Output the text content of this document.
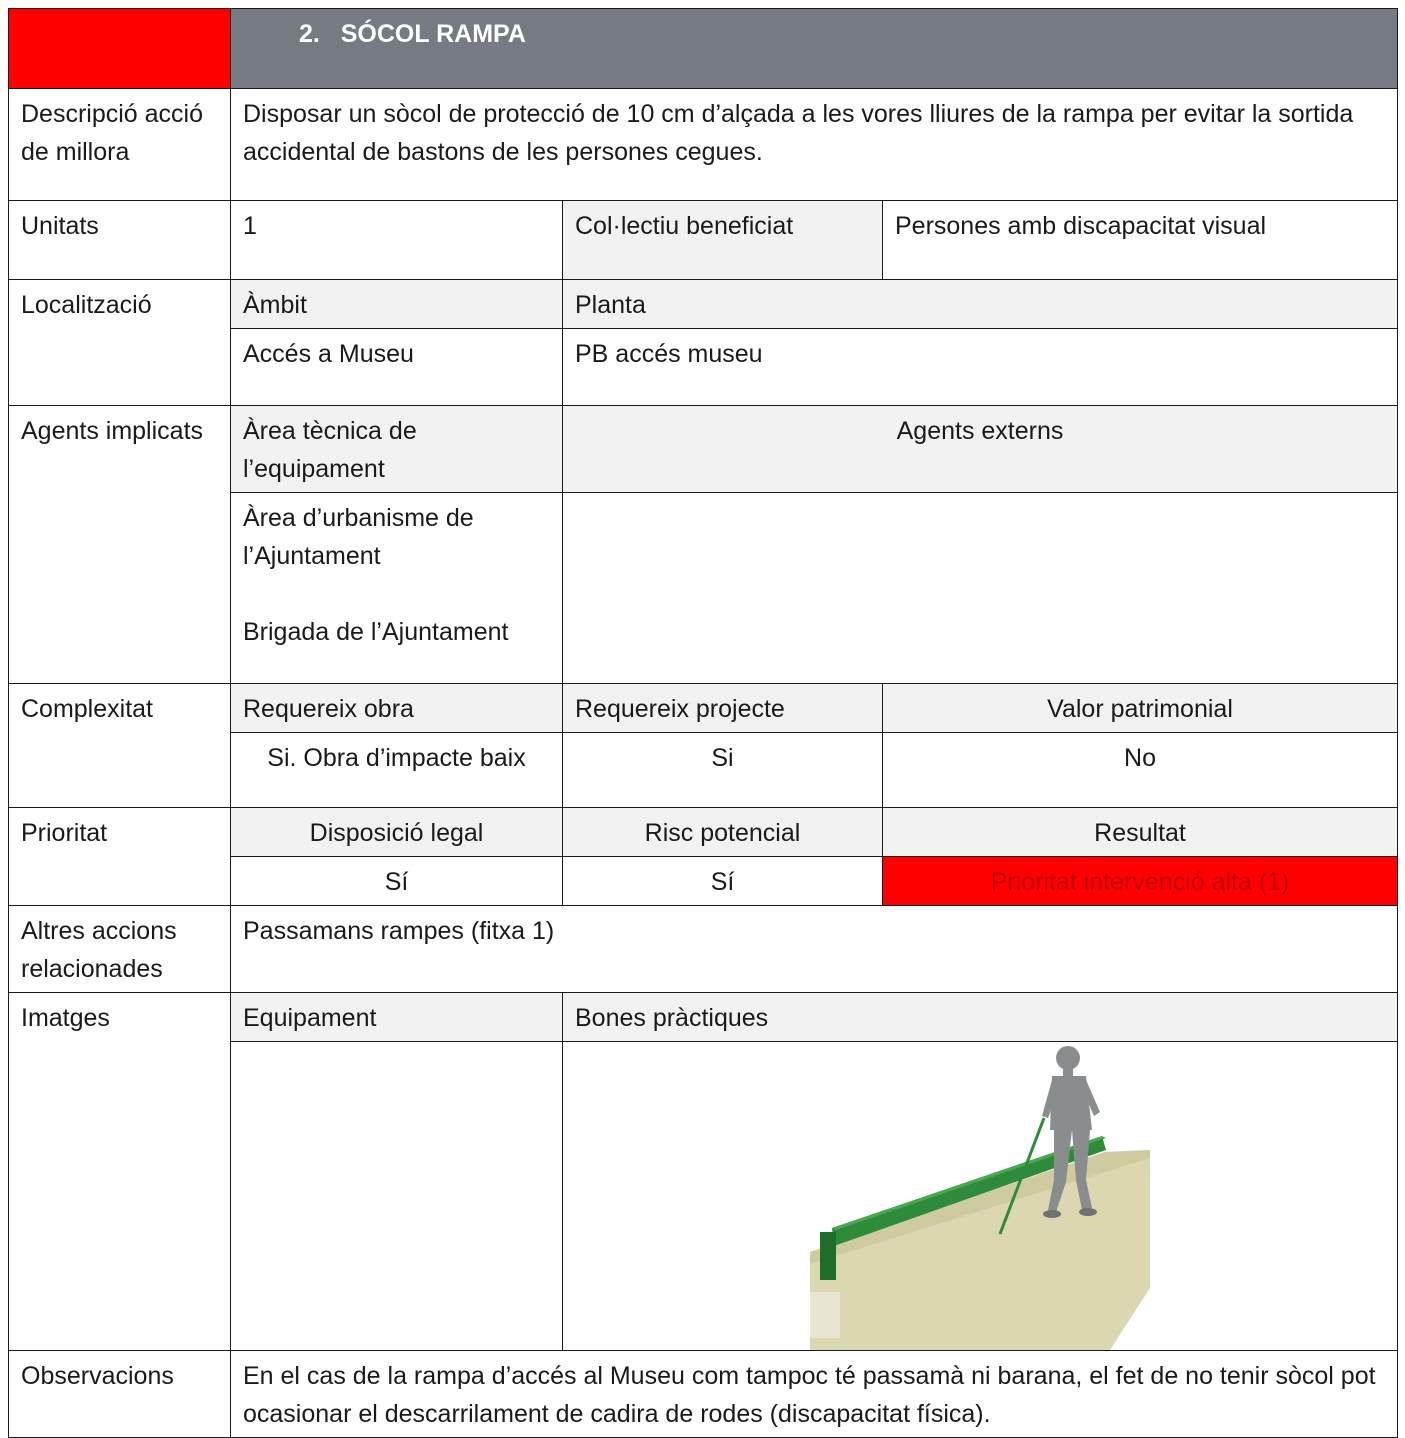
	2. SÓCOL RAMPA		
Descripció acció de millora	Disposar un sòcol de protecció de 10 cm d’alçada a les vores lliures de la rampa per evitar la sortida accidental de bastons de les persones cegues.		
Unitats	1	Col·lectiu beneficiat	Persones amb discapacitat visual
Localització	Àmbit	Planta	
	Accés a Museu	PB accés museu	
Agents implicats	Àrea tècnica de l’equipament	Agents externs	

	Àrea d’urbanisme de l’Ajuntament
Brigada de l’Ajuntament		

Complexitat	Requereix obra	Requereix projecte	Valor patrimonial
	Si. Obra d’impacte baix	Si	No
Prioritat	Disposició legal	Risc potencial	Resultat
	Sí	Sí	Prioritat intervenció alta (1)
Altres accions relacionades	Passamans rampes (fitxa 1)		
Imatges	Equipament	Bones pràctiques	

Observacions	En el cas de la rampa d’accés al Museu com tampoc té passamà ni barana, el fet de no tenir sòcol pot ocasionar el descarrilament de cadira de rodes (discapacitat física).		
